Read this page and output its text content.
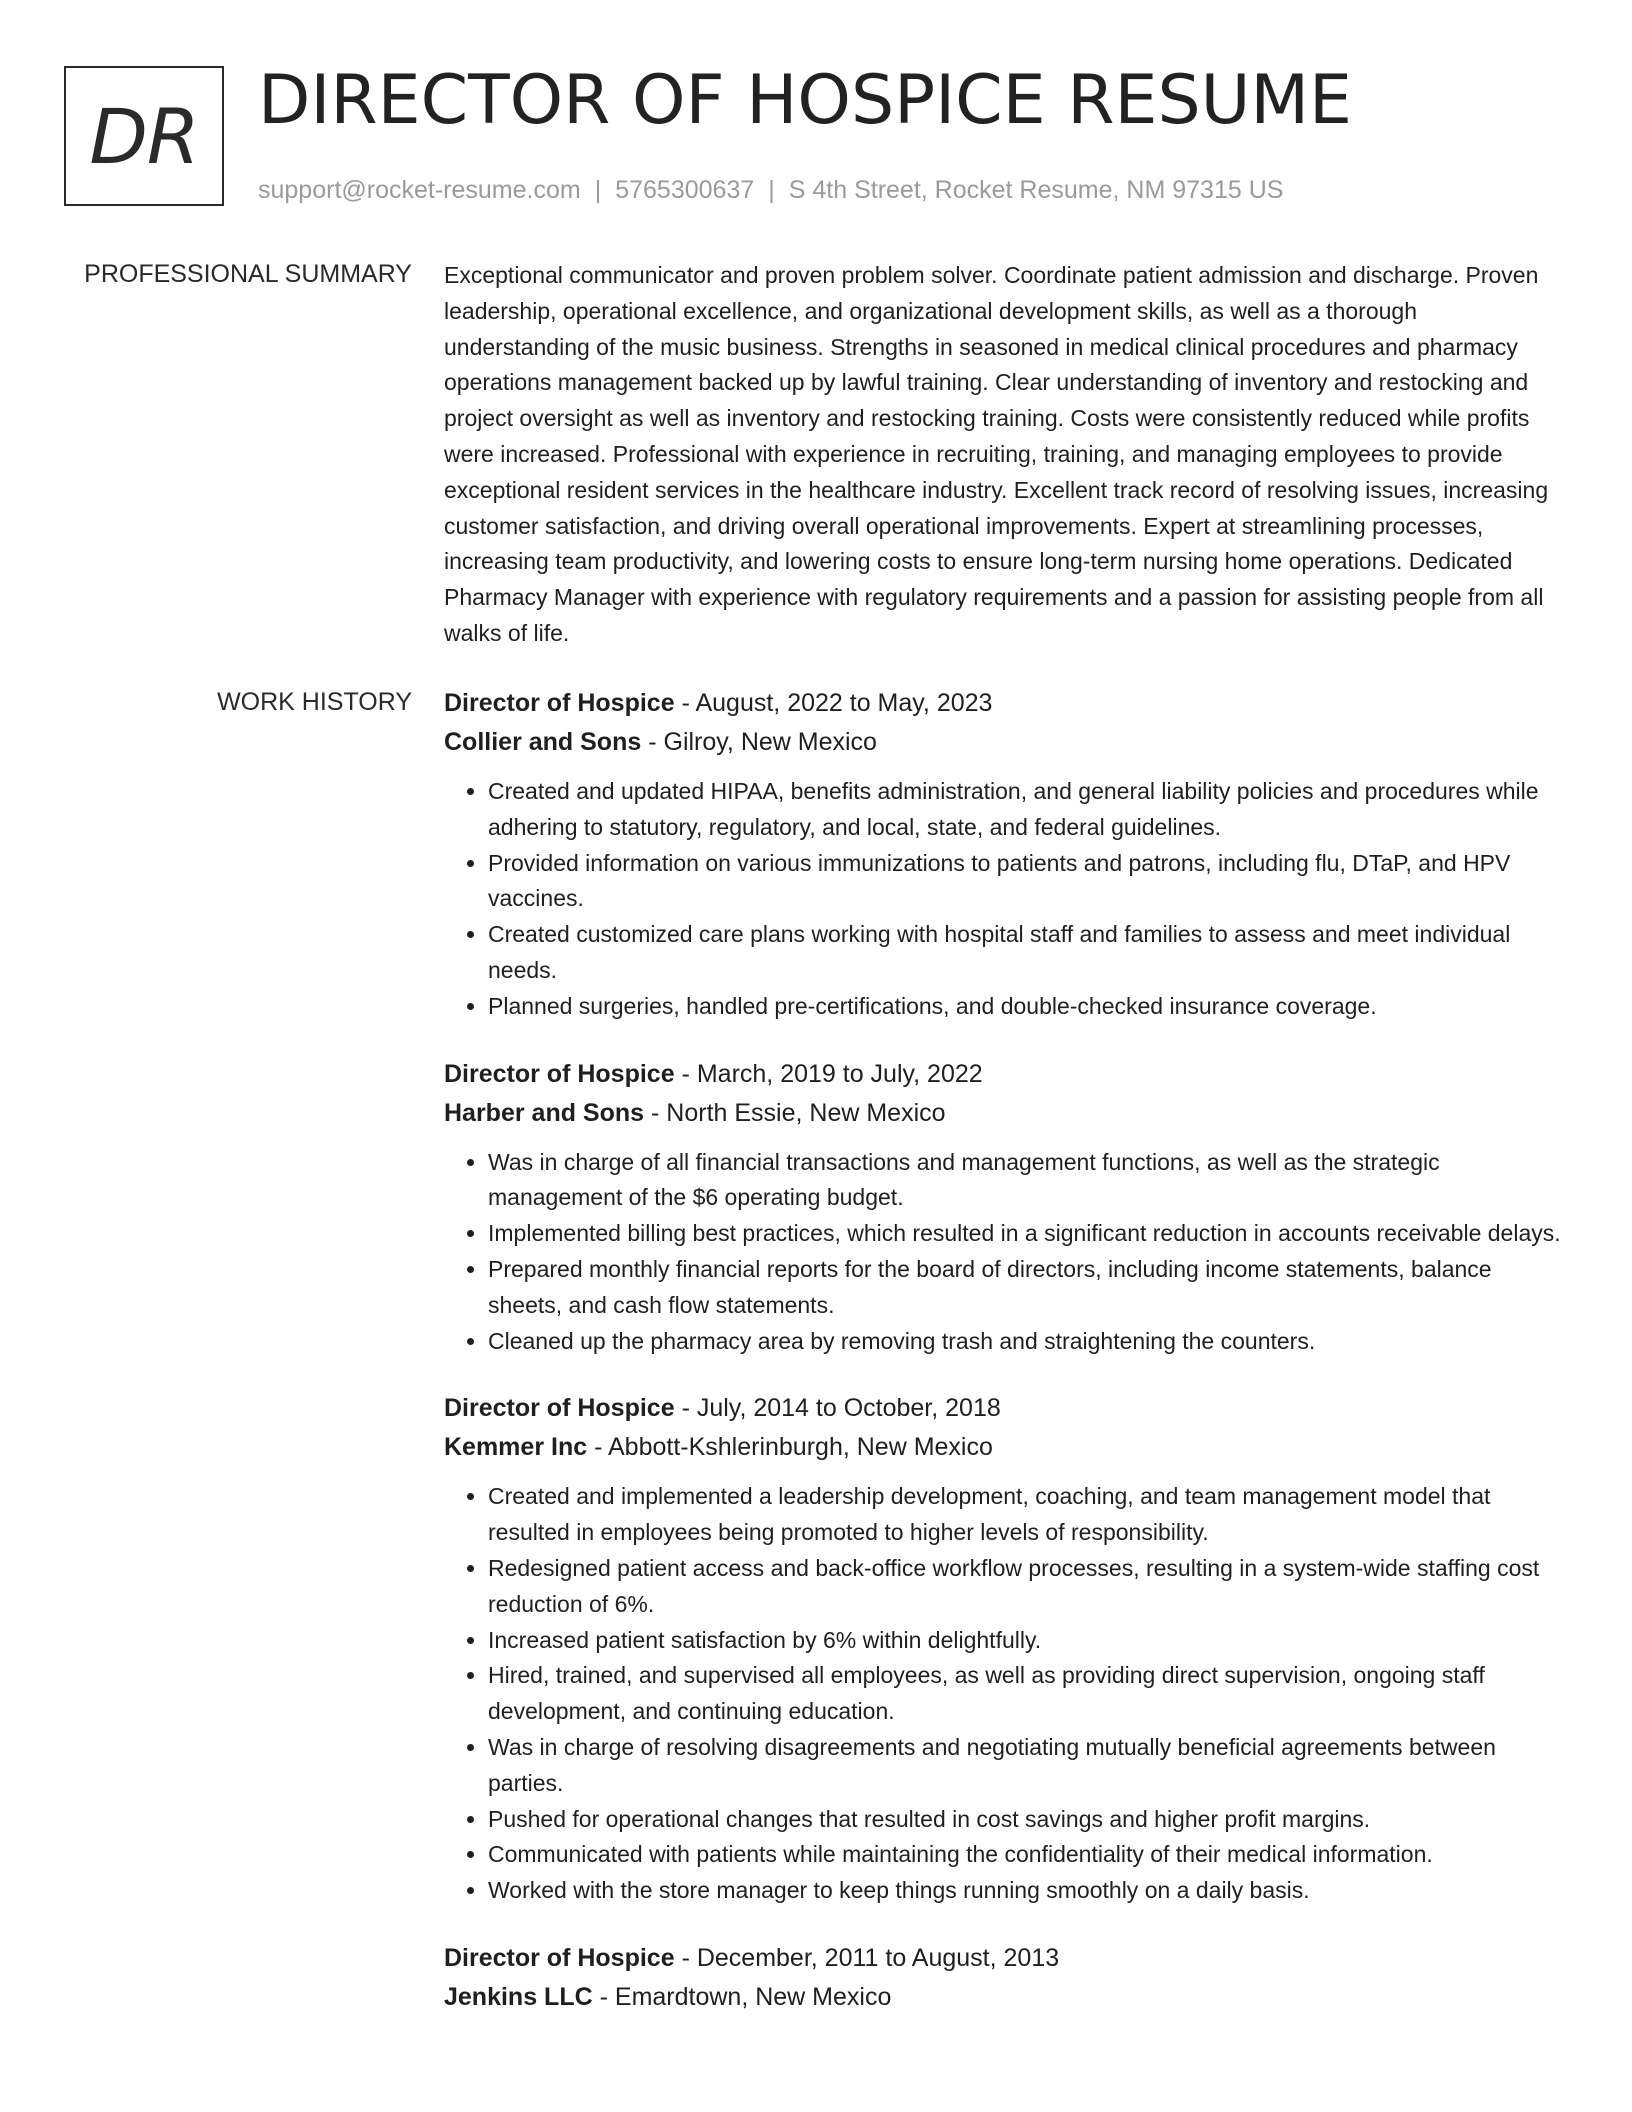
DR DIRECTOR OF HOSPICE RESUME
support@rocket-resume.com | 5765300637 | S 4th Street, Rocket Resume, NM 97315 US
PROFESSIONAL SUMMARY Exceptional communicator and proven problem solver. Coordinate patient admission and discharge. Proven leadership, operational excellence, and organizational development skills, as well as a thorough understanding of the music business. Strengths in seasoned in medical clinical procedures and pharmacy operations management backed up by lawful training. Clear understanding of inventory and restocking and project oversight as well as inventory and restocking training. Costs were consistently reduced while profits were increased. Professional with experience in recruiting, training, and managing employees to provide exceptional resident services in the healthcare industry. Excellent track record of resolving issues, increasing customer satisfaction, and driving overall operational improvements. Expert at streamlining processes, increasing team productivity, and lowering costs to ensure long-term nursing home operations. Dedicated Pharmacy Manager with experience with regulatory requirements and a passion for assisting people from all walks of life.

WORK HISTORY Director of Hospice - August, 2022 to May, 2023
Collier and Sons - Gilroy, New Mexico
• Created and updated HIPAA, benefits administration, and general liability policies and procedures while adhering to statutory, regulatory, and local, state, and federal guidelines.
• Provided information on various immunizations to patients and patrons, including flu, DTaP, and HPV vaccines.
• Created customized care plans working with hospital staff and families to assess and meet individual needs.
• Planned surgeries, handled pre-certifications, and double-checked insurance coverage.
Director of Hospice - March, 2019 to July, 2022
Harber and Sons - North Essie, New Mexico
• Was in charge of all financial transactions and management functions, as well as the strategic management of the $6 operating budget.
• Implemented billing best practices, which resulted in a significant reduction in accounts receivable delays.
• Prepared monthly financial reports for the board of directors, including income statements, balance sheets, and cash flow statements.
• Cleaned up the pharmacy area by removing trash and straightening the counters.
Director of Hospice - July, 2014 to October, 2018
Kemmer Inc - Abbott-Kshlerinburgh, New Mexico
• Created and implemented a leadership development, coaching, and team management model that resulted in employees being promoted to higher levels of responsibility.
• Redesigned patient access and back-office workflow processes, resulting in a system-wide staffing cost reduction of 6%.
• Increased patient satisfaction by 6% within delightfully.
• Hired, trained, and supervised all employees, as well as providing direct supervision, ongoing staff development, and continuing education.
• Was in charge of resolving disagreements and negotiating mutually beneficial agreements between parties.
• Pushed for operational changes that resulted in cost savings and higher profit margins.
• Communicated with patients while maintaining the confidentiality of their medical information.
• Worked with the store manager to keep things running smoothly on a daily basis.
Director of Hospice - December, 2011 to August, 2013
Jenkins LLC - Emardtown, New Mexico
